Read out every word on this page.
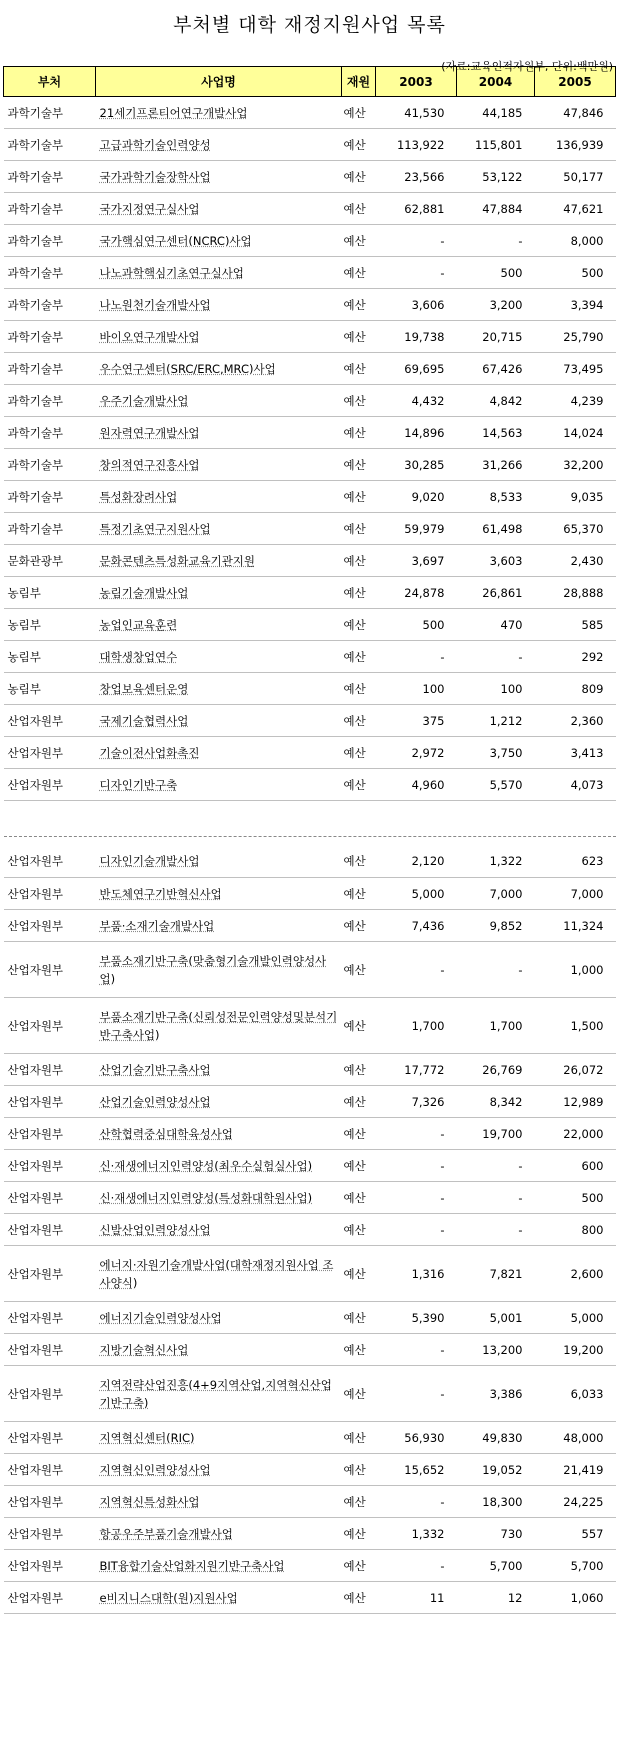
부처별 대학 재정지원사업 목록
(자료:교육인적자원부, 단위:백만원)
부처	사업명	재원	2003	2004	2005
과학기술부	21세기프론티어연구개발사업	예산	41,530	44,185	47,846
과학기술부	고급과학기술인력양성	예산	113,922	115,801	136,939
과학기술부	국가과학기술장학사업	예산	23,566	53,122	50,177
과학기술부	국가지정연구실사업	예산	62,881	47,884	47,621
과학기술부	국가핵심연구센터(NCRC)사업	예산	-	-	8,000
과학기술부	나노과학핵심기초연구실사업	예산	-	500	500
과학기술부	나노원천기술개발사업	예산	3,606	3,200	3,394
과학기술부	바이오연구개발사업	예산	19,738	20,715	25,790
과학기술부	우수연구센터(SRC/ERC,MRC)사업	예산	69,695	67,426	73,495
과학기술부	우주기술개발사업	예산	4,432	4,842	4,239
과학기술부	원자력연구개발사업	예산	14,896	14,563	14,024
과학기술부	창의적연구진흥사업	예산	30,285	31,266	32,200
과학기술부	특성화장려사업	예산	9,020	8,533	9,035
과학기술부	특정기초연구지원사업	예산	59,979	61,498	65,370
문화관광부	문화콘텐츠특성화교육기관지원	예산	3,697	3,603	2,430
농림부	농림기술개발사업	예산	24,878	26,861	28,888
농림부	농업인교육훈련	예산	500	470	585
농림부	대학생창업연수	예산	-	-	292
농림부	창업보육센터운영	예산	100	100	809
산업자원부	국제기술협력사업	예산	375	1,212	2,360
산업자원부	기술이전사업화촉진	예산	2,972	3,750	3,413
산업자원부	디자인기반구축	예산	4,960	5,570	4,073

산업자원부	디자인기술개발사업	예산	2,120	1,322	623
산업자원부	반도체연구기반혁신사업	예산	5,000	7,000	7,000
산업자원부	부품·소재기술개발사업	예산	7,436	9,852	11,324
산업자원부	부품소재기반구축(맞춤형기술개발인력양성사업)	예산	-	-	1,000
산업자원부	부품소재기반구축(신뢰성전문인력양성및분석기반구축사업)	예산	1,700	1,700	1,500
산업자원부	산업기술기반구축사업	예산	17,772	26,769	26,072
산업자원부	산업기술인력양성사업	예산	7,326	8,342	12,989
산업자원부	산학협력중심대학육성사업	예산	-	19,700	22,000
산업자원부	신·재생에너지인력양성(최우수실험실사업)	예산	-	-	600
산업자원부	신·재생에너지인력양성(특성화대학원사업)	예산	-	-	500
산업자원부	신발산업인력양성사업	예산	-	-	800
산업자원부	에너지·자원기술개발사업(대학재정지원사업 조사양식)	예산	1,316	7,821	2,600
산업자원부	에너지기술인력양성사업	예산	5,390	5,001	5,000
산업자원부	지방기술혁신사업	예산	-	13,200	19,200
산업자원부	지역전략산업진흥(4+9지역산업,지역혁신산업기반구축)	예산	-	3,386	6,033
산업자원부	지역혁신센터(RIC)	예산	56,930	49,830	48,000
산업자원부	지역혁신인력양성사업	예산	15,652	19,052	21,419
산업자원부	지역혁신특성화사업	예산	-	18,300	24,225
산업자원부	항공우주부품기술개발사업	예산	1,332	730	557
산업자원부	BIT융합기술산업화지원기반구축사업	예산	-	5,700	5,700
산업자원부	e비지니스대학(원)지원사업	예산	11	12	1,060
